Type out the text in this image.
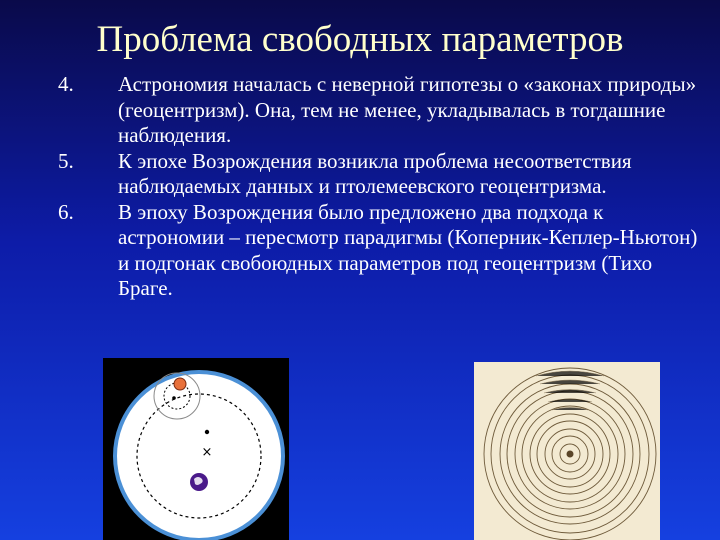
Проблема свободных параметров
4. Астрономия началась с неверной гипотезы о «законах природы» (геоцентризм). Она, тем не менее, укладывалась в тогдашние наблюдения.
5. К эпохе Возрождения возникла проблема несоответствия наблюдаемых данных и птолемеевского геоцентризма.
6. В эпоху Возрождения было предложено два подхода к астрономии – пересмотр парадигмы (Коперник-Кеплер-Ньютон) и подгонак свобоюдных параметров под геоцентризм (Тихо Браге.
×
